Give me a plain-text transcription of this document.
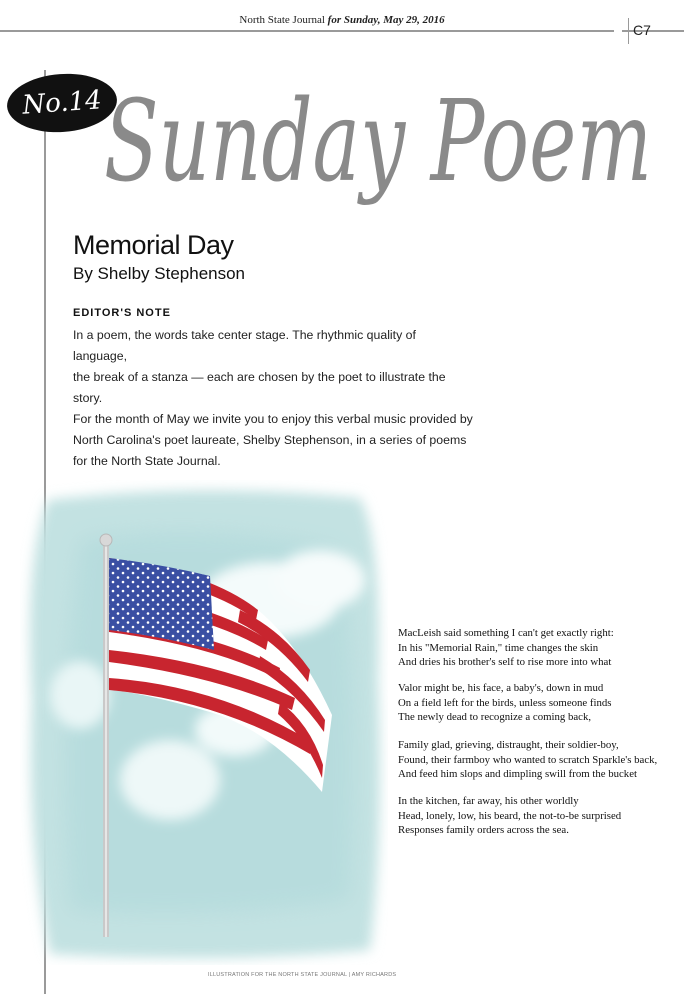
North State Journal for Sunday, May 29, 2016
C7
No.14 Sunday Poem
Memorial Day
By Shelby Stephenson
EDITOR'S NOTE
In a poem, the words take center stage. The rhythmic quality of language,
the break of a stanza — each are chosen by the poet to illustrate the story.
For the month of May we invite you to enjoy this verbal music provided by
North Carolina's poet laureate, Shelby Stephenson, in a series of poems
for the North State Journal.
ILLUSTRATION FOR THE NORTH STATE JOURNAL | AMY RICHARDS
MacLeish said something I can't get exactly right:
In his "Memorial Rain," time changes the skin
And dries his brother's self to rise more into what
Valor might be, his face, a baby's, down in mud
On a field left for the birds, unless someone finds
The newly dead to recognize a coming back,
Family glad, grieving, distraught, their soldier-boy,
Found, their farmboy who wanted to scratch Sparkle's back,
And feed him slops and dimpling swill from the bucket
In the kitchen, far away, his other worldly
Head, lonely, low, his beard, the not-to-be surprised
Responses family orders across the sea.
